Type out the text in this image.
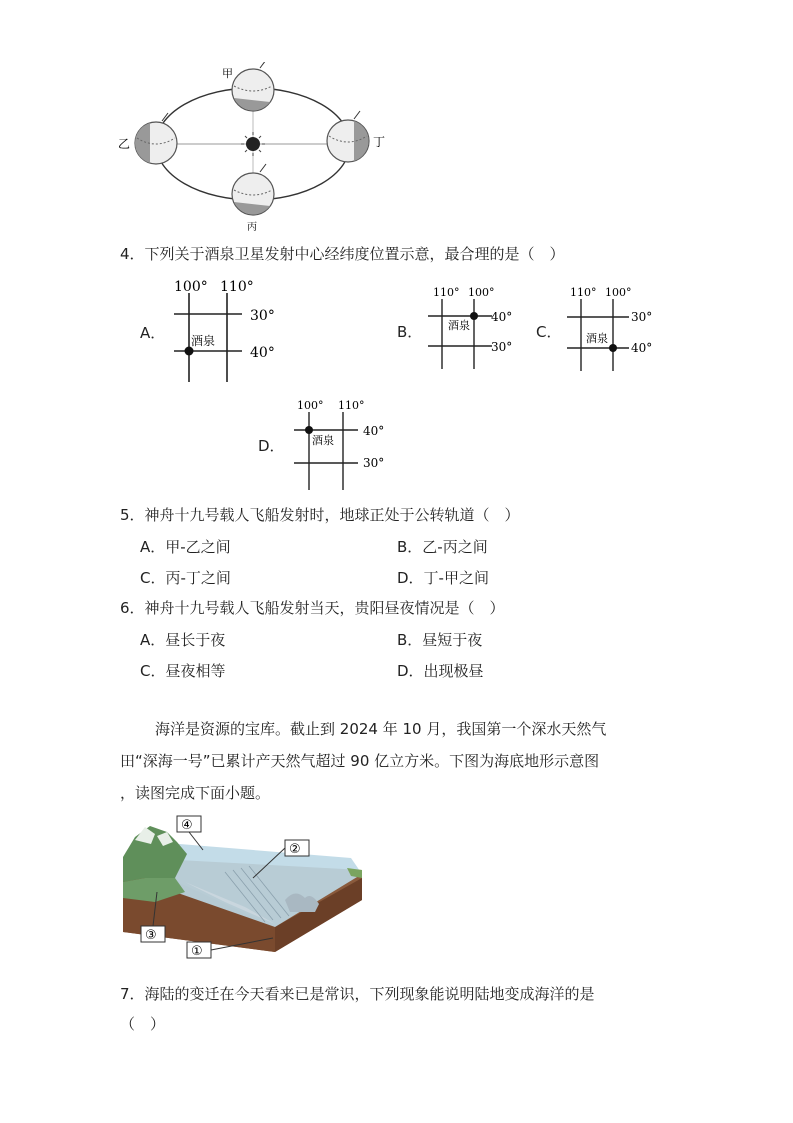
甲
乙
丙
丁
4．下列关于酒泉卫星发射中心经纬度位置示意，最合理的是（　）
A．
100° 110°
30°
40°
酒泉	B．
110° 100°
40°
30°
酒泉	C．
110° 100°
30°
40°
酒泉
D．
100° 110°
40°
30°
酒泉
5．神舟十九号载人飞船发射时，地球正处于公转轨道（　）
A．甲-乙之间	B．乙-丙之间
C．丙-丁之间	D．丁-甲之间
6．神舟十九号载人飞船发射当天，贵阳昼夜情况是（　）
A．昼长于夜	B．昼短于夜
C．昼夜相等	D．出现极昼
海洋是资源的宝库。截止到 2024 年 10 月，我国第一个深水天然气
田“深海一号”已累计产天然气超过 90 亿立方米。下图为海底地形示意图
，读图完成下面小题。
④
②
③
①
7．海陆的变迁在今天看来已是常识，下列现象能说明陆地变成海洋的是
（　）
